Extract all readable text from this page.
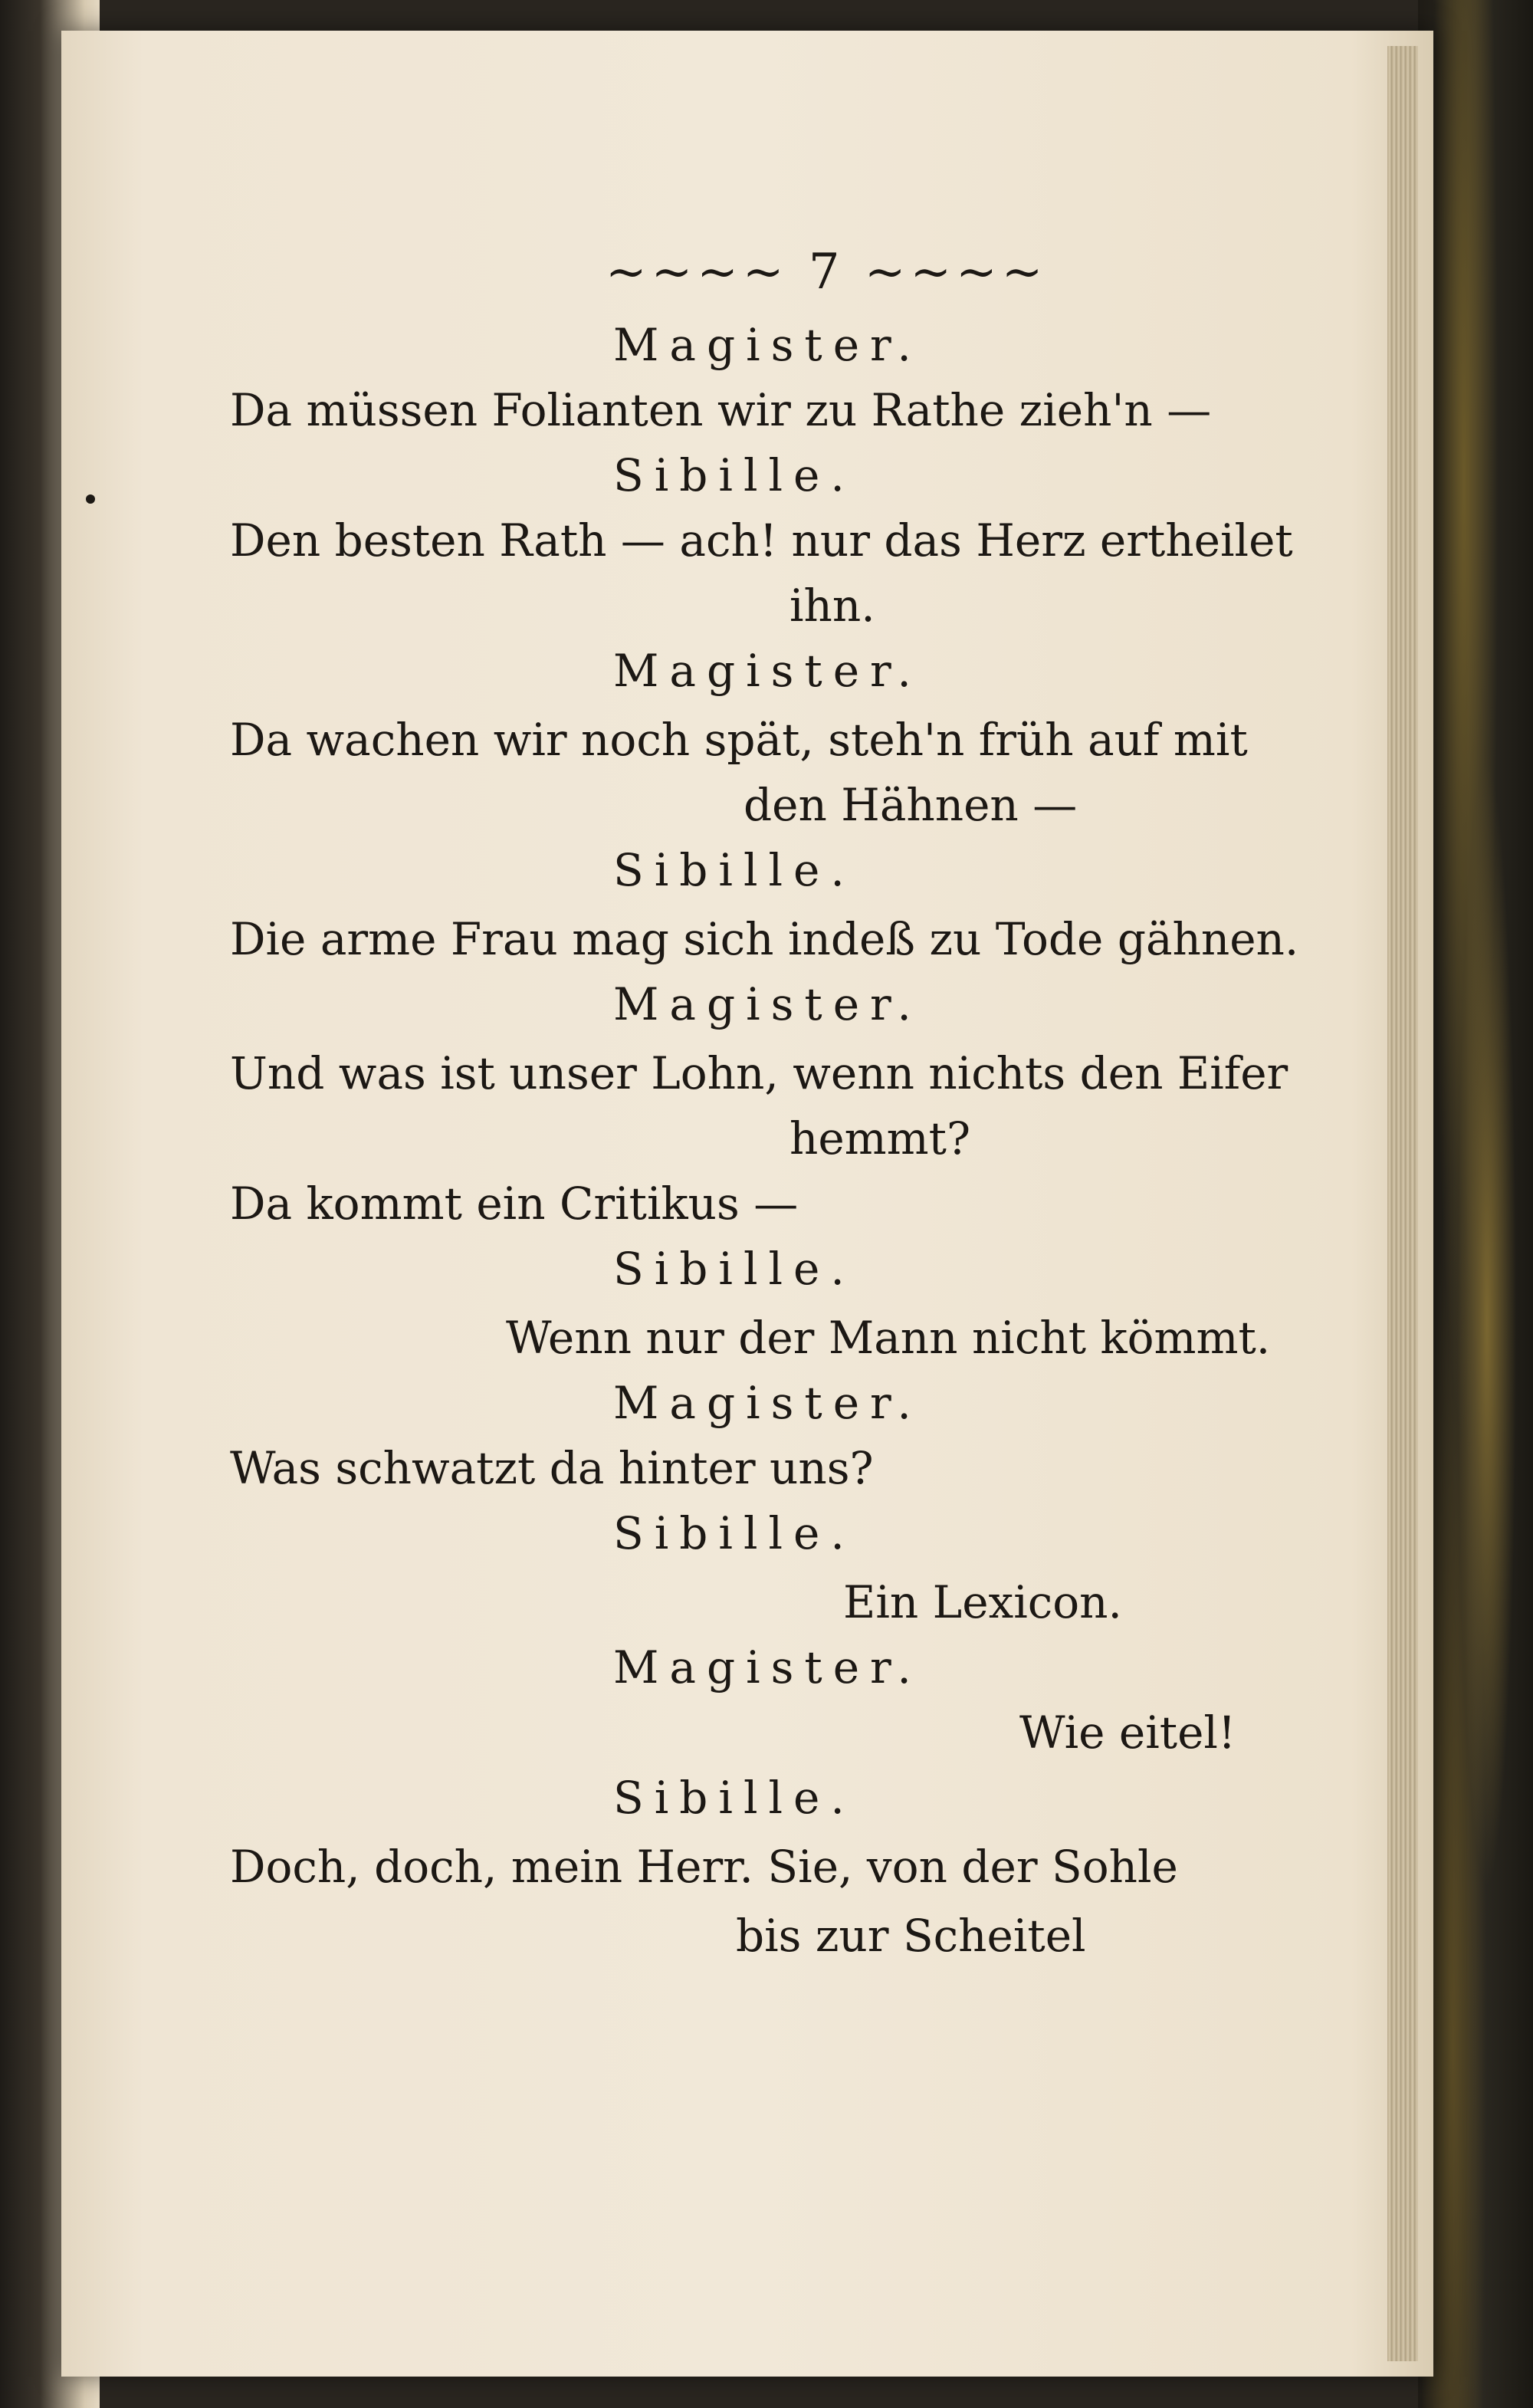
~~~~ 7 ~~~~
Magister.
Da müssen Folianten wir zu Rathe zieh'n —
Sibille.
Den besten Rath — ach! nur das Herz ertheilet
ihn.
Magister.
Da wachen wir noch spät, steh'n früh auf mit
den Hähnen —
Sibille.
Die arme Frau mag sich indeß zu Tode gähnen.
Magister.
Und was ist unser Lohn, wenn nichts den Eifer
hemmt?
Da kommt ein Critikus —
Sibille.
Wenn nur der Mann nicht kömmt.
Magister.
Was schwatzt da hinter uns?
Sibille.
Ein Lexicon.
Magister.
Wie eitel!
Sibille.
Doch, doch, mein Herr. Sie, von der Sohle
bis zur Scheitel
